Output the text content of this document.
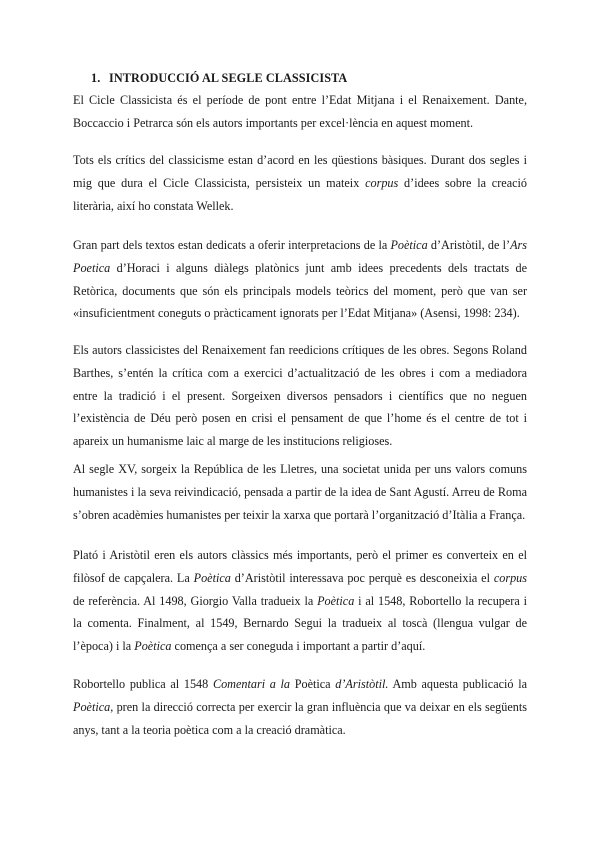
1. INTRODUCCIÓ AL SEGLE CLASSICISTA

El Cicle Classicista és el període de pont entre l’Edat Mitjana i el Renaixement. Dante, Boccaccio i Petrarca són els autors importants per excel·lència en aquest moment.

Tots els crítics del classicisme estan d’acord en les qüestions bàsiques. Durant dos segles i mig que dura el Cicle Classicista, persisteix un mateix corpus d’idees sobre la creació literària, així ho constata Wellek.

Gran part dels textos estan dedicats a oferir interpretacions de la Poètica d’Aristòtil, de l’Ars Poetica d’Horaci i alguns diàlegs platònics junt amb idees precedents dels tractats de Retòrica, documents que són els principals models teòrics del moment, però que van ser «insuficientment coneguts o pràcticament ignorats per l’Edat Mitjana» (Asensi, 1998: 234).

Els autors classicistes del Renaixement fan reedicions crítiques de les obres. Segons Roland Barthes, s’entén la crítica com a exercici d’actualització de les obres i com a mediadora entre la tradició i el present. Sorgeixen diversos pensadors i científics que no neguen l’existència de Déu però posen en crisi el pensament de que l’home és el centre de tot i apareix un humanisme laic al marge de les institucions religioses.

Al segle XV, sorgeix la República de les Lletres, una societat unida per uns valors comuns humanistes i la seva reivindicació, pensada a partir de la idea de Sant Agustí. Arreu de Roma s’obren acadèmies humanistes per teixir la xarxa que portarà l’organització d’Itàlia a França.

Plató i Aristòtil eren els autors clàssics més importants, però el primer es converteix en el filòsof de capçalera. La Poètica d’Aristòtil interessava poc perquè es desconeixia el corpus de referència. Al 1498, Giorgio Valla tradueix la Poètica i al 1548, Robortello la recupera i la comenta. Finalment, al 1549, Bernardo Segui la tradueix al toscà (llengua vulgar de l’època) i la Poètica comença a ser coneguda i important a partir d’aquí.

Robortello publica al 1548 Comentari a la Poètica d’Aristòtil. Amb aquesta publicació la Poètica, pren la direcció correcta per exercir la gran influència que va deixar en els següents anys, tant a la teoria poètica com a la creació dramàtica.
